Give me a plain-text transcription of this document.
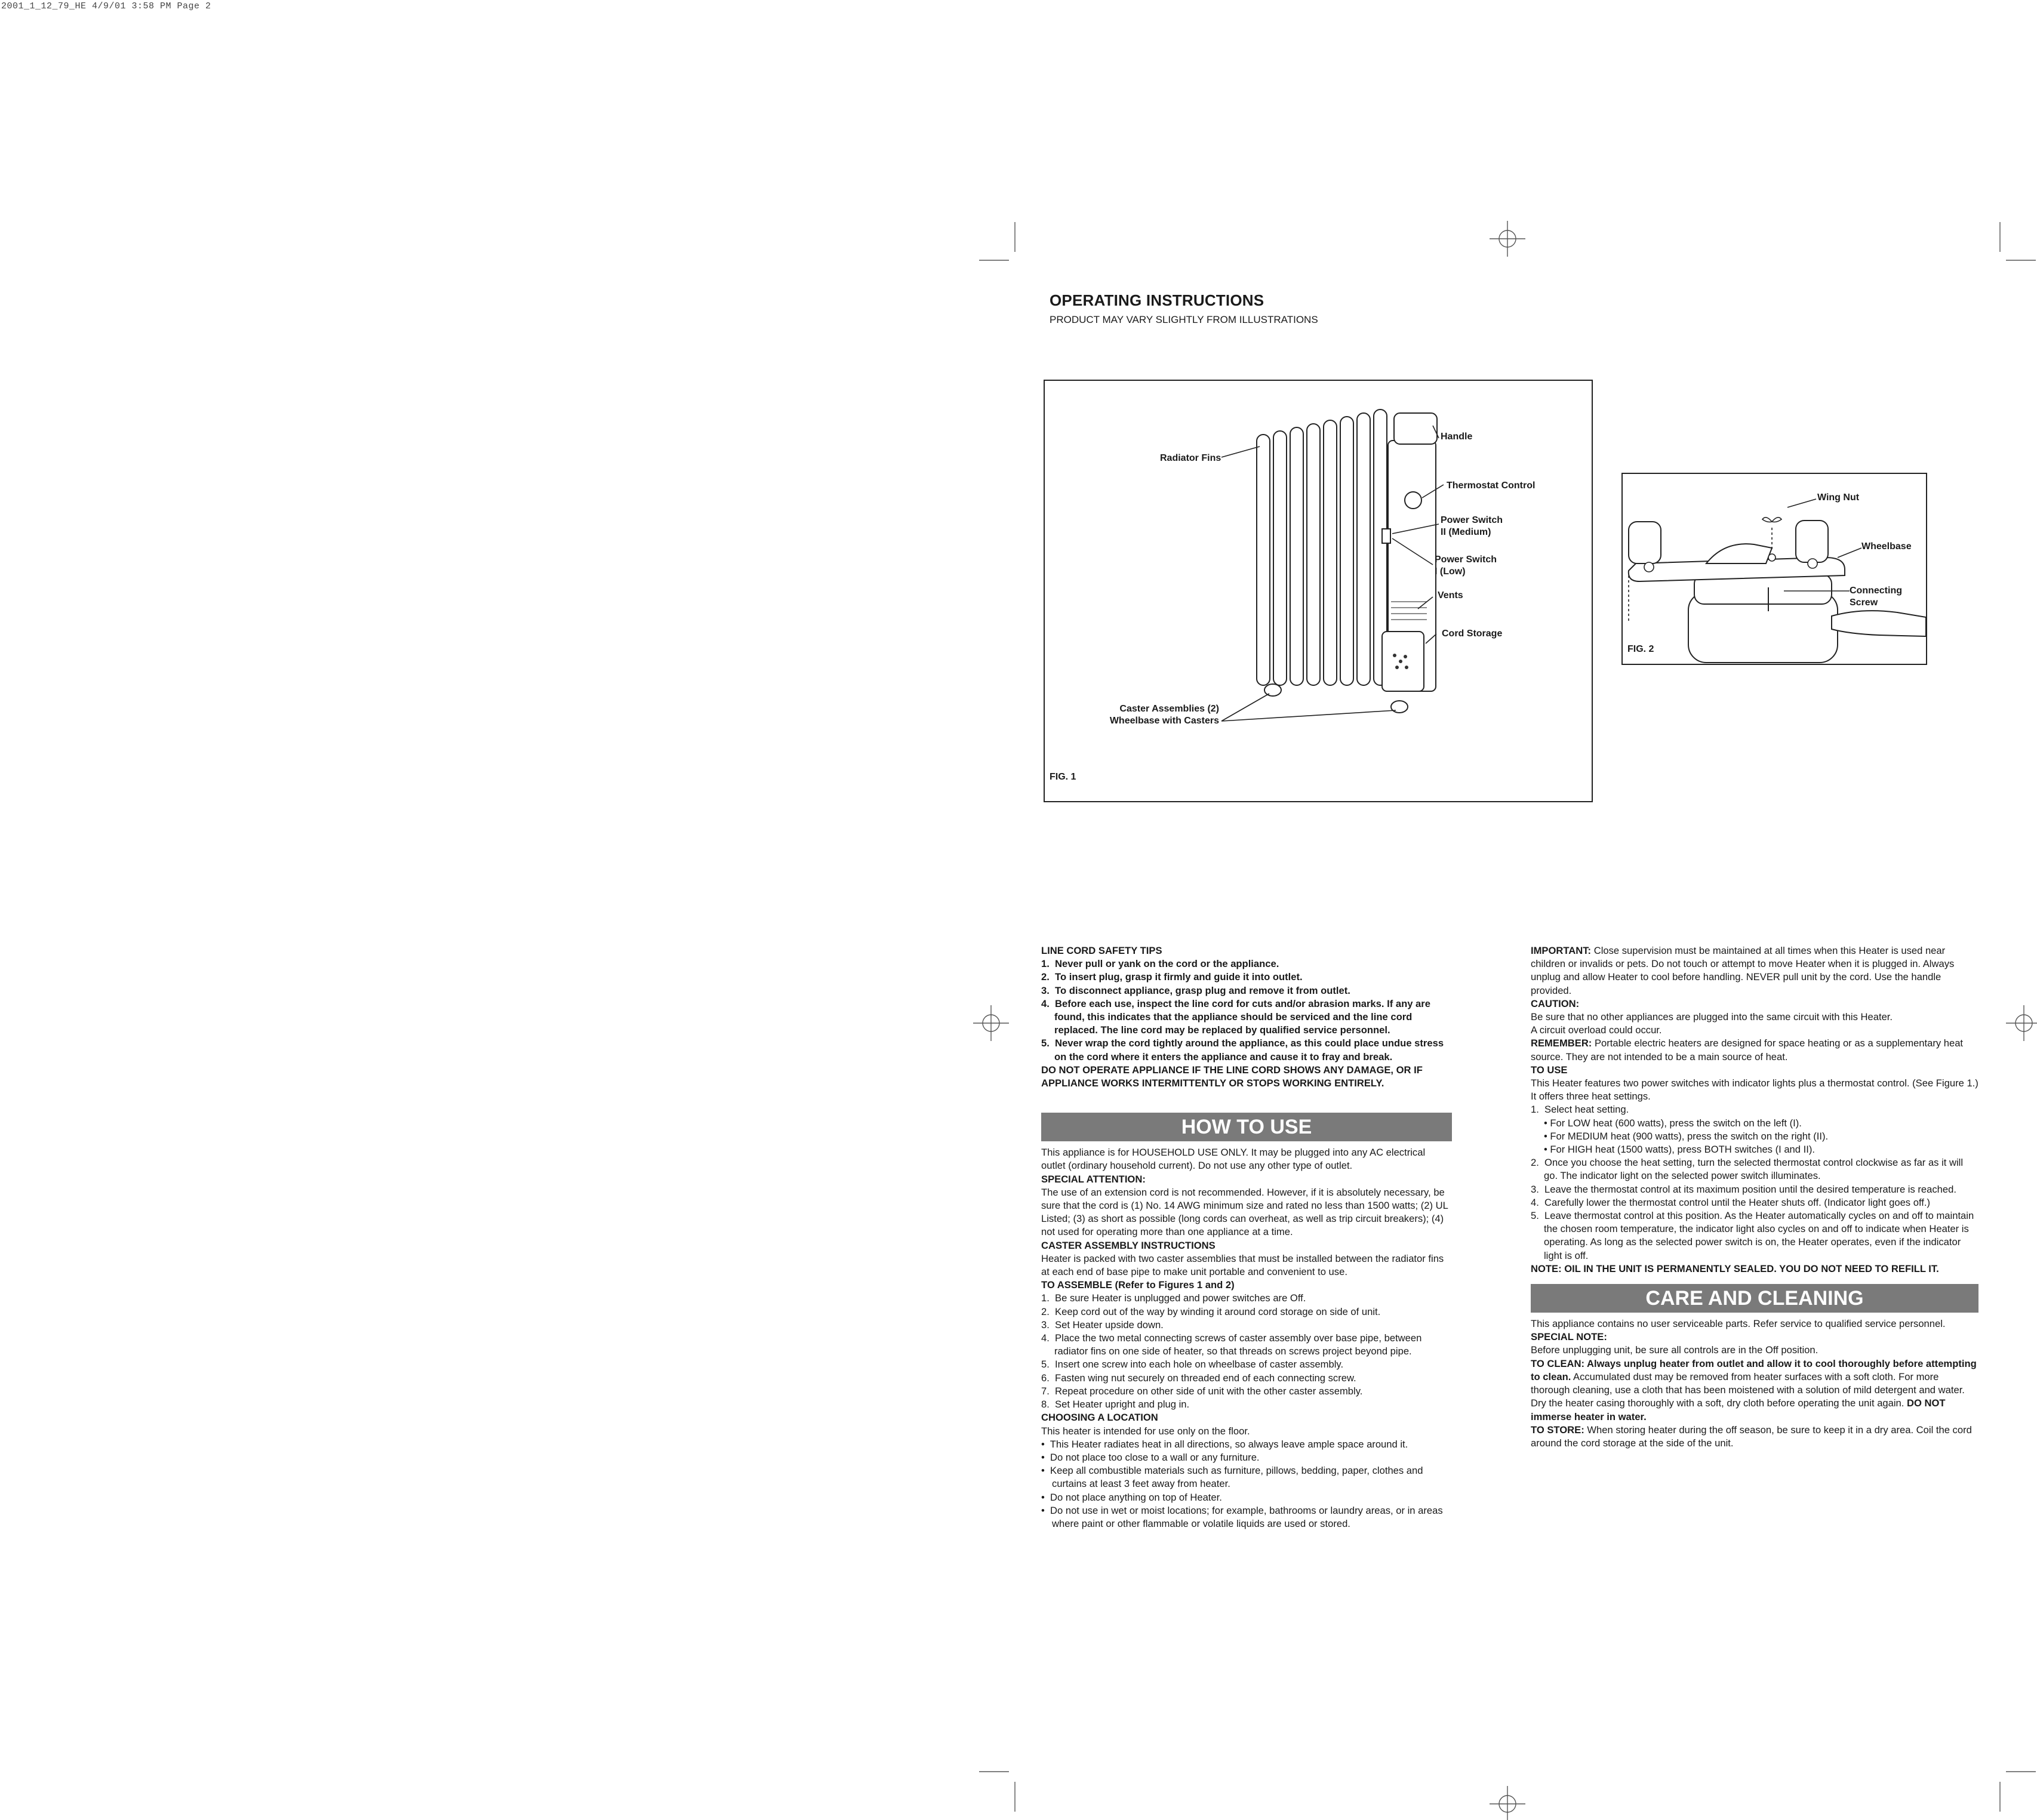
2001_1_12_79_HE 4/9/01 3:58 PM Page 2
OPERATING INSTRUCTIONS
PRODUCT MAY VARY SLIGHTLY FROM ILLUSTRATIONS
Radiator Fins
Handle
Thermostat Control
Power Switch
II (Medium)
Power Switch
I (Low)
Vents
Cord Storage
Caster Assemblies (2)
Wheelbase with Casters
FIG. 1
Wing Nut
Wheelbase
Connecting
Screw
FIG. 2

LINE CORD SAFETY TIPS

1.  Never pull or yank on the cord or the appliance.
2.  To insert plug, grasp it firmly and guide it into outlet.
3.  To disconnect appliance, grasp plug and remove it from outlet.
4.  Before each use, inspect the line cord for cuts and/or abrasion marks. If any are found, this indicates that the appliance should be serviced and the line cord replaced. The line cord may be replaced by qualified service personnel.
5.  Never wrap the cord tightly around the appliance, as this could place undue stress on the cord where it enters the appliance and cause it to fray and break.

DO NOT OPERATE APPLIANCE IF THE LINE CORD SHOWS ANY DAMAGE, OR IF APPLIANCE WORKS INTERMITTENTLY OR STOPS WORKING ENTIRELY.

HOW TO USE

This appliance is for HOUSEHOLD USE ONLY. It may be plugged into any AC electrical outlet (ordinary household current). Do not use any other type of outlet.

SPECIAL ATTENTION:

The use of an extension cord is not recommended. However, if it is absolutely necessary, be sure that the cord is (1) No. 14 AWG minimum size and rated no less than 1500 watts; (2) UL Listed; (3) as short as possible (long cords can overheat, as well as trip circuit breakers); (4) not used for operating more than one appliance at a time.

CASTER ASSEMBLY INSTRUCTIONS

Heater is packed with two caster assemblies that must be installed between the radiator fins at each end of base pipe to make unit portable and convenient to use.

TO ASSEMBLE (Refer to Figures 1 and 2)

1.  Be sure Heater is unplugged and power switches are Off.
2.  Keep cord out of the way by winding it around cord storage on side of unit.
3.  Set Heater upside down.
4.  Place the two metal connecting screws of caster assembly over base pipe, between radiator fins on one side of heater, so that threads on screws project beyond pipe.
5.  Insert one screw into each hole on wheelbase of caster assembly.
6.  Fasten wing nut securely on threaded end of each connecting screw.
7.  Repeat procedure on other side of unit with the other caster assembly.
8.  Set Heater upright and plug in.

CHOOSING A LOCATION

This heater is intended for use only on the floor.

•  This Heater radiates heat in all directions, so always leave ample space around it.
•  Do not place too close to a wall or any furniture.
•  Keep all combustible materials such as furniture, pillows, bedding, paper, clothes and curtains at least 3 feet away from heater.
•  Do not place anything on top of Heater.
•  Do not use in wet or moist locations; for example, bathrooms or laundry areas, or in areas where paint or other flammable or volatile liquids are used or stored.

IMPORTANT: Close supervision must be maintained at all times when this Heater is used near children or invalids or pets. Do not touch or attempt to move Heater when it is plugged in. Always unplug and allow Heater to cool before handling. NEVER pull unit by the cord. Use the handle provided.

CAUTION:

Be sure that no other appliances are plugged into the same circuit with this Heater.

A circuit overload could occur.

REMEMBER: Portable electric heaters are designed for space heating or as a supplementary heat source. They are not intended to be a main source of heat.

TO USE

This Heater features two power switches with indicator lights plus a thermostat control. (See Figure 1.) It offers three heat settings.

1.  Select heat setting.
• For LOW heat (600 watts), press the switch on the left (I).
• For MEDIUM heat (900 watts), press the switch on the right (II).
• For HIGH heat (1500 watts), press BOTH switches (I and II).
2.  Once you choose the heat setting, turn the selected thermostat control clockwise as far as it will go. The indicator light on the selected power switch illuminates.
3.  Leave the thermostat control at its maximum position until the desired temperature is reached.
4.  Carefully lower the thermostat control until the Heater shuts off. (Indicator light goes off.)
5.  Leave thermostat control at this position. As the Heater automatically cycles on and off to maintain the chosen room temperature, the indicator light also cycles on and off to indicate when Heater is operating. As long as the selected power switch is on, the Heater operates, even if the indicator light is off.

NOTE: OIL IN THE UNIT IS PERMANENTLY SEALED. YOU DO NOT NEED TO REFILL IT.

CARE AND CLEANING

This appliance contains no user serviceable parts. Refer service to qualified service personnel.

SPECIAL NOTE:

Before unplugging unit, be sure all controls are in the Off position.

TO CLEAN: Always unplug heater from outlet and allow it to cool thoroughly before attempting to clean. Accumulated dust may be removed from heater surfaces with a soft cloth. For more thorough cleaning, use a cloth that has been moistened with a solution of mild detergent and water. Dry the heater casing thoroughly with a soft, dry cloth before operating the unit again. DO NOT immerse heater in water.

TO STORE: When storing heater during the off season, be sure to keep it in a dry area. Coil the cord around the cord storage at the side of the unit.
